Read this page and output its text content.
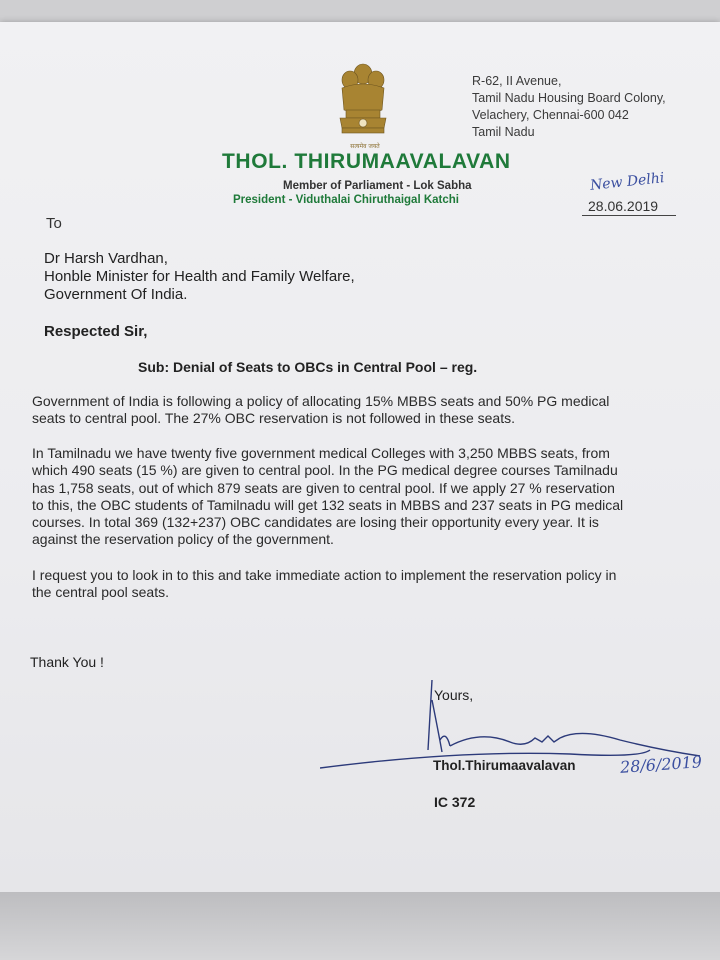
सत्यमेव जयते
R-62, II Avenue,
Tamil Nadu Housing Board Colony,
Velachery, Chennai-600 042
Tamil Nadu
THOL. THIRUMAAVALAVAN
Member of Parliament - Lok Sabha
President - Viduthalai Chiruthaigal Katchi
New Delhi
28.06.2019
To
Dr Harsh Vardhan,
Honble Minister for Health and Family Welfare,
Government Of India.
Respected Sir,
Sub: Denial of Seats to OBCs in Central Pool – reg.
Government of India is following a policy of allocating 15% MBBS seats and 50% PG medical
seats to central pool. The 27% OBC reservation is not followed in these seats.
In Tamilnadu we have twenty five government medical Colleges with 3,250 MBBS seats, from
which 490 seats (15 %) are given to central pool. In the PG medical degree courses Tamilnadu
has 1,758 seats, out of which 879 seats are given to central pool. If we apply 27 % reservation
to this, the OBC students of Tamilnadu will get 132 seats in MBBS and 237 seats in PG medical
courses. In total 369 (132+237) OBC candidates are losing their opportunity every year. It is
against the reservation policy of the government.
I request you to look in to this and take immediate action to implement the reservation policy in
the central pool seats.
Thank You !
Yours,
Thol.Thirumaavalavan	28/6/2019
IC 372
